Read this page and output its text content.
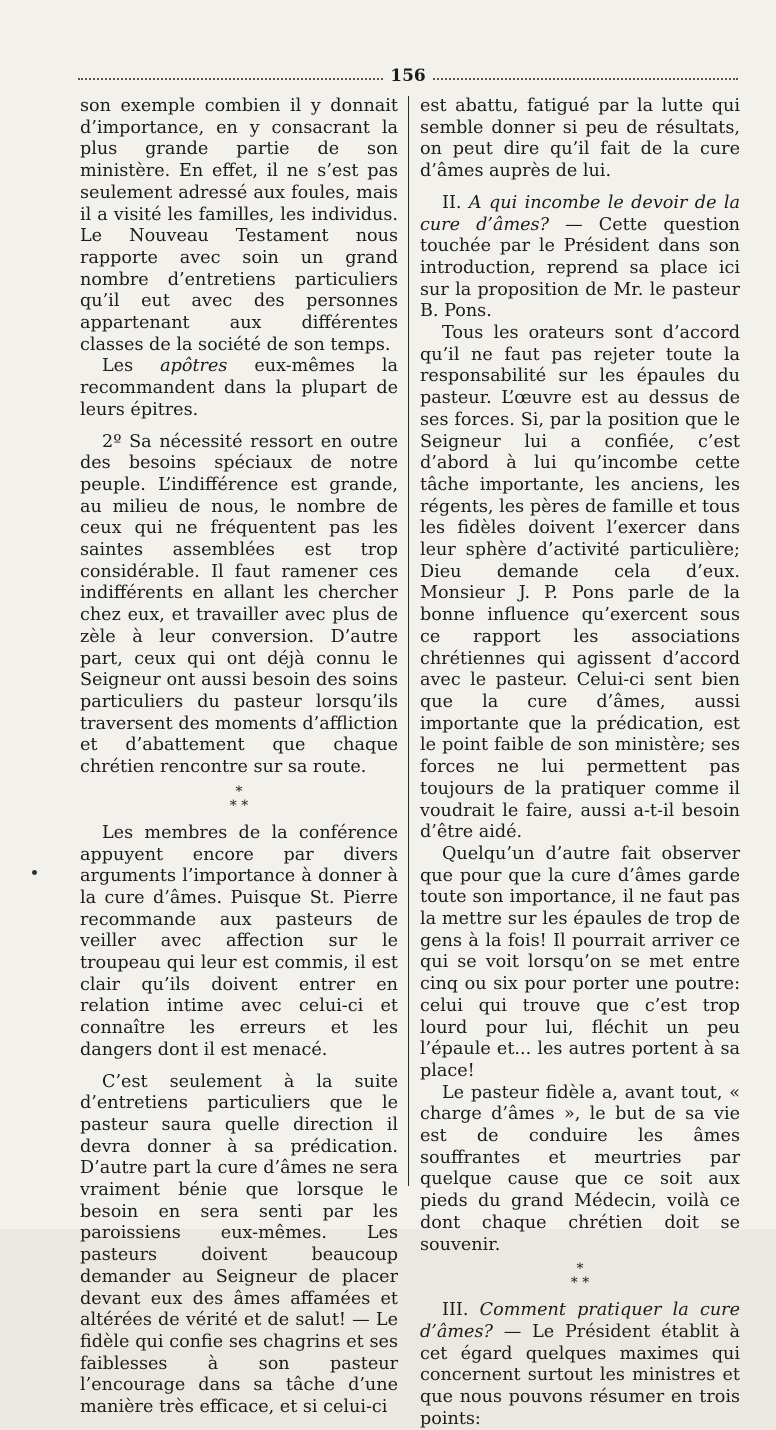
156

son exemple combien il y donnait d’importance, en y consacrant la plus grande partie de son ministère. En effet, il ne s’est pas seulement adressé aux foules, mais il a visité les familles, les individus. Le Nouveau Testament nous rapporte avec soin un grand nombre d’entretiens particuliers qu’il eut avec des personnes appartenant aux différentes classes de la société de son temps.

Les apôtres eux-mêmes la recommandent dans la plupart de leurs épitres.

2º Sa nécessité ressort en outre des besoins spéciaux de notre peuple. L’indifférence est grande, au milieu de nous, le nombre de ceux qui ne fréquentent pas les saintes assemblées est trop considérable. Il faut ramener ces indifférents en allant les chercher chez eux, et travailler avec plus de zèle à leur conversion. D’autre part, ceux qui ont déjà connu le Seigneur ont aussi besoin des soins particuliers du pasteur lorsqu’ils traversent des moments d’affliction et d’abattement que chaque chrétien rencontre sur sa route.

*
* *

Les membres de la conférence appuyent encore par divers arguments l’importance à donner à la cure d’âmes. Puisque St. Pierre recommande aux pasteurs de veiller avec affection sur le troupeau qui leur est commis, il est clair qu’ils doivent entrer en relation intime avec celui-ci et connaître les erreurs et les dangers dont il est menacé.

C’est seulement à la suite d’entretiens particuliers que le pasteur saura quelle direction il devra donner à sa prédication. D’autre part la cure d’âmes ne sera vraiment bénie que lorsque le besoin en sera senti par les paroissiens eux-mêmes. Les pasteurs doivent beaucoup demander au Seigneur de placer devant eux des âmes affamées et altérées de vérité et de salut! — Le fidèle qui confie ses chagrins et ses faiblesses à son pasteur l’encourage dans sa tâche d’une manière très efficace, et si celui-ci

est abattu, fatigué par la lutte qui semble donner si peu de résultats, on peut dire qu’il fait de la cure d’âmes auprès de lui.

II. A qui incombe le devoir de la cure d’âmes? — Cette question touchée par le Président dans son introduction, reprend sa place ici sur la proposition de Mr. le pasteur B. Pons.

Tous les orateurs sont d’accord qu’il ne faut pas rejeter toute la responsabilité sur les épaules du pasteur. L’œuvre est au dessus de ses forces. Si, par la position que le Seigneur lui a confiée, c’est d’abord à lui qu’incombe cette tâche importante, les anciens, les régents, les pères de famille et tous les fidèles doivent l’exercer dans leur sphère d’activité particulière; Dieu demande cela d’eux. Monsieur J. P. Pons parle de la bonne influence qu’exercent sous ce rapport les associations chrétiennes qui agissent d’accord avec le pasteur. Celui-ci sent bien que la cure d’âmes, aussi importante que la prédication, est le point faible de son ministère; ses forces ne lui permettent pas toujours de la pratiquer comme il voudrait le faire, aussi a-t-il besoin d’être aidé.

Quelqu’un d’autre fait observer que pour que la cure d’âmes garde toute son importance, il ne faut pas la mettre sur les épaules de trop de gens à la fois! Il pourrait arriver ce qui se voit lorsqu’on se met entre cinq ou six pour porter une poutre: celui qui trouve que c’est trop lourd pour lui, fléchit un peu l’épaule et... les autres portent à sa place!

Le pasteur fidèle a, avant tout, « charge d’âmes », le but de sa vie est de conduire les âmes souffrantes et meurtries par quelque cause que ce soit aux pieds du grand Médecin, voilà ce dont chaque chrétien doit se souvenir.

*
* *

III. Comment pratiquer la cure d’âmes? — Le Président établit à cet égard quelques maximes qui concernent surtout les ministres et que nous pouvons résumer en trois points:
